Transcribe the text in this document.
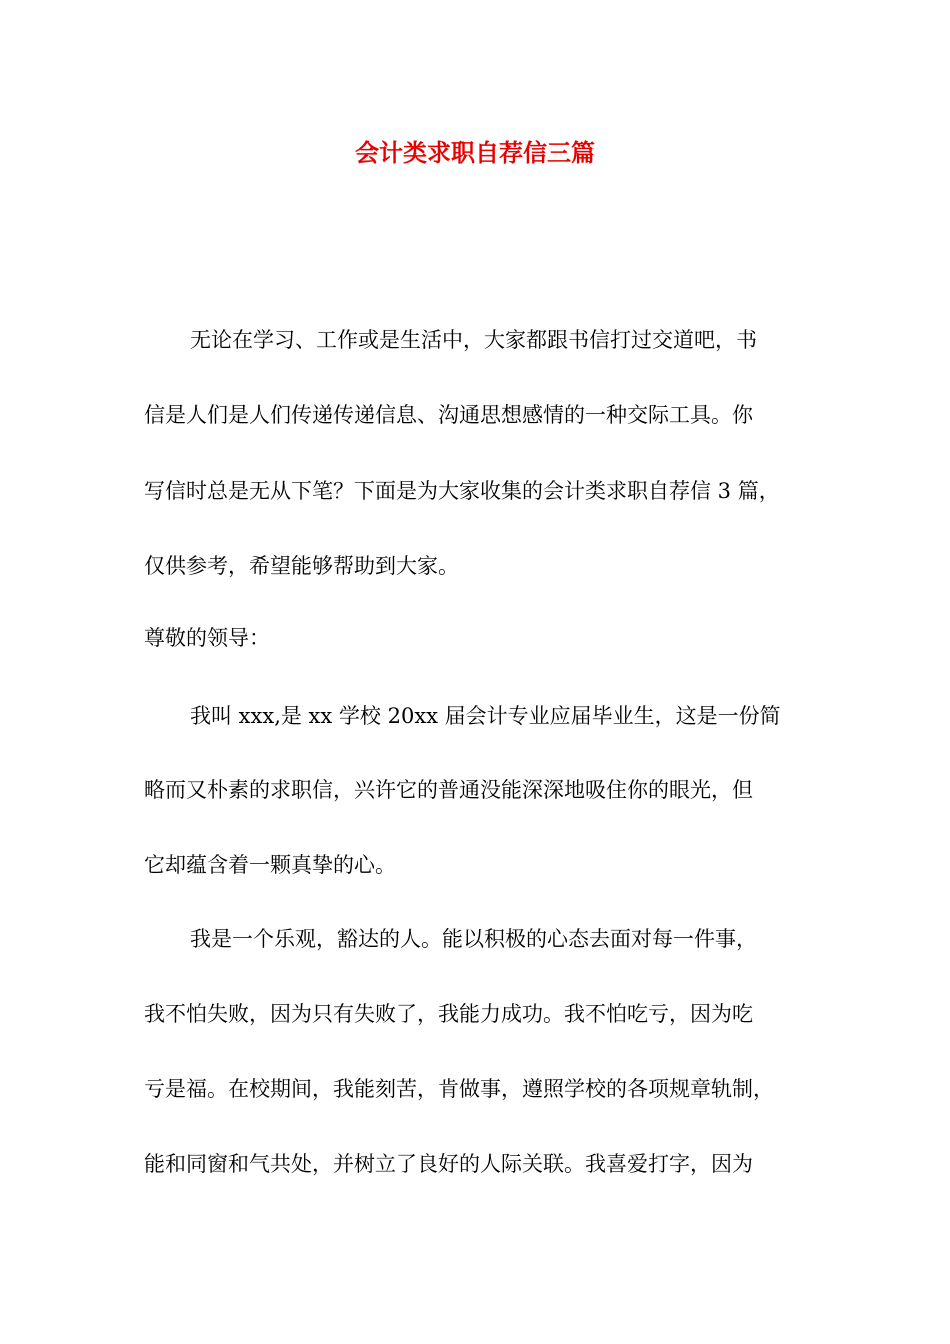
会计类求职自荐信三篇
无论在学习、工作或是生活中，大家都跟书信打过交道吧，书
信是人们是人们传递传递信息、沟通思想感情的一种交际工具。你
写信时总是无从下笔？下面是为大家收集的会计类求职自荐信 3 篇，
仅供参考，希望能够帮助到大家。
尊敬的领导：
我叫 xxx,是 xx 学校 20xx 届会计专业应届毕业生，这是一份简
略而又朴素的求职信，兴许它的普通没能深深地吸住你的眼光，但
它却蕴含着一颗真挚的心。
我是一个乐观，豁达的人。能以积极的心态去面对每一件事，
我不怕失败，因为只有失败了，我能力成功。我不怕吃亏，因为吃
亏是福。在校期间，我能刻苦，肯做事，遵照学校的各项规章轨制，
能和同窗和气共处，并树立了良好的人际关联。我喜爱打字，因为
